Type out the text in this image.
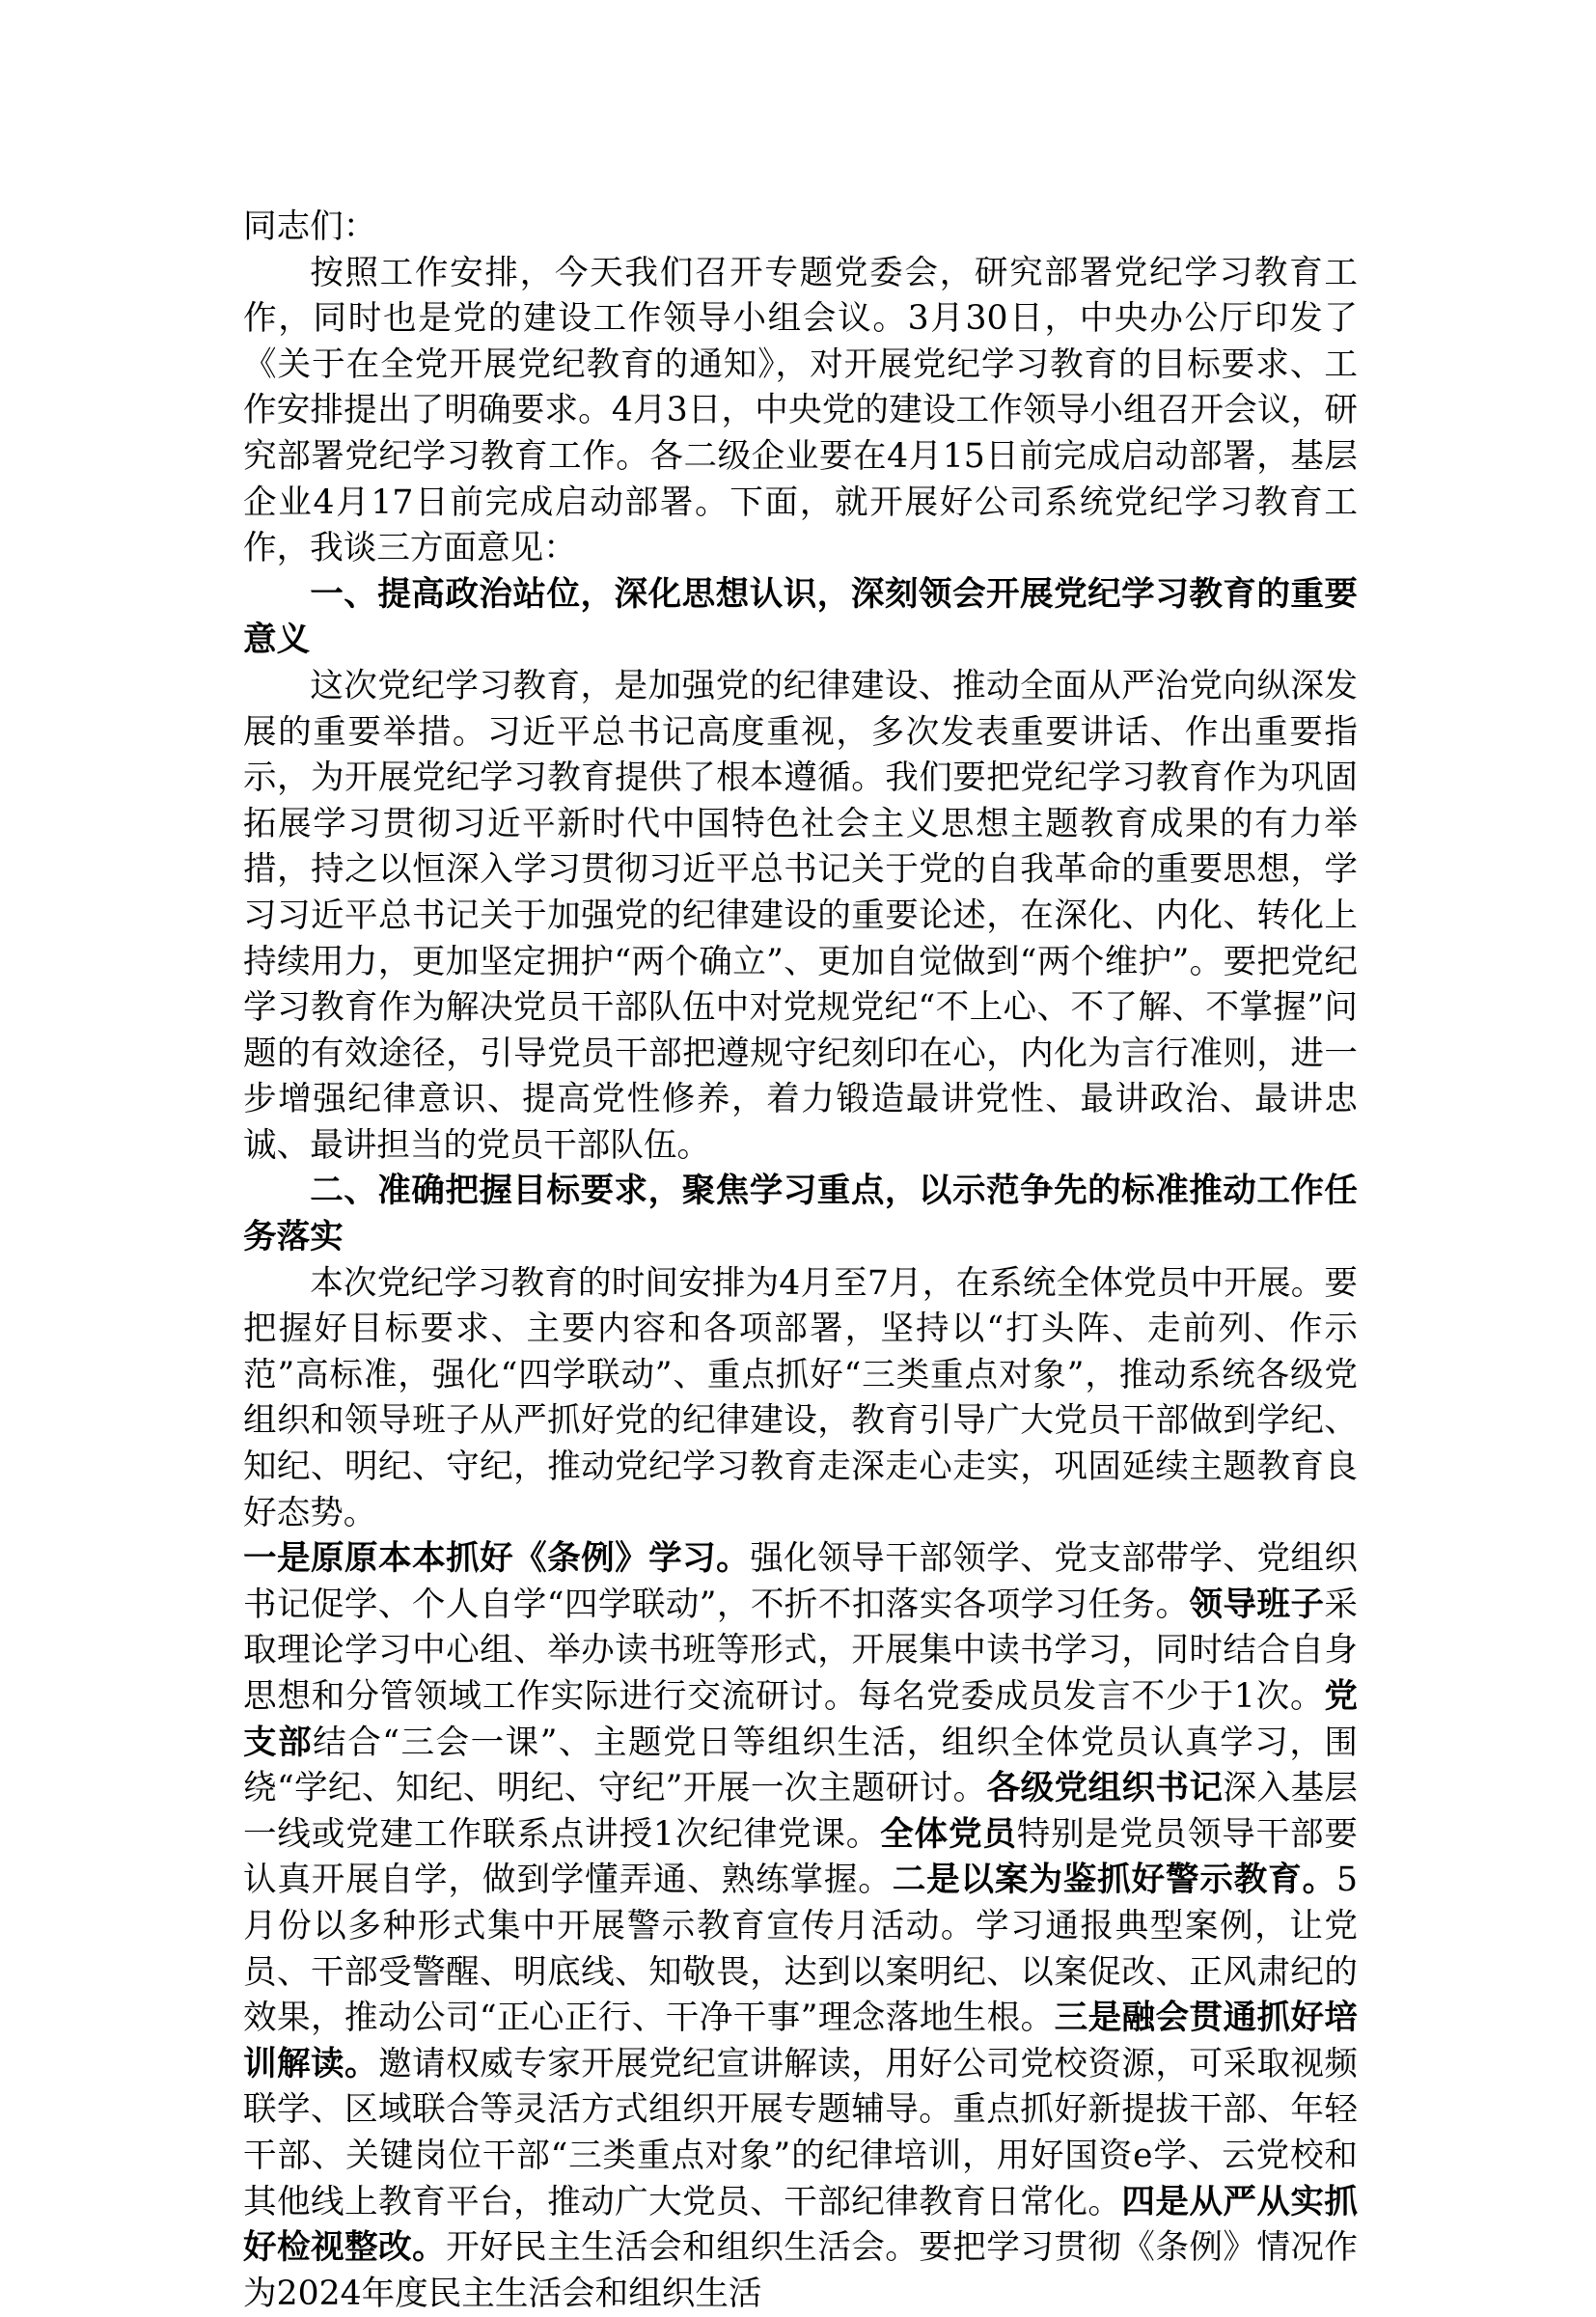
同志们：

按照工作安排，今天我们召开专题党委会，研究部署党纪学习教育工作，同时也是党的建设工作领导小组会议。3月30日，中央办公厅印发了《关于在全党开展党纪教育的通知》，对开展党纪学习教育的目标要求、工作安排提出了明确要求。4月3日，中央党的建设工作领导小组召开会议，研究部署党纪学习教育工作。各二级企业要在4月15日前完成启动部署，基层企业4月17日前完成启动部署。下面，就开展好公司系统党纪学习教育工作，我谈三方面意见：

一、提高政治站位，深化思想认识，深刻领会开展党纪学习教育的重要意义

这次党纪学习教育，是加强党的纪律建设、推动全面从严治党向纵深发展的重要举措。习近平总书记高度重视，多次发表重要讲话、作出重要指示，为开展党纪学习教育提供了根本遵循。我们要把党纪学习教育作为巩固拓展学习贯彻习近平新时代中国特色社会主义思想主题教育成果的有力举措，持之以恒深入学习贯彻习近平总书记关于党的自我革命的重要思想，学习习近平总书记关于加强党的纪律建设的重要论述，在深化、内化、转化上持续用力，更加坚定拥护“两个确立”、更加自觉做到“两个维护”。要把党纪学习教育作为解决党员干部队伍中对党规党纪“不上心、不了解、不掌握”问题的有效途径，引导党员干部把遵规守纪刻印在心，内化为言行准则，进一步增强纪律意识、提高党性修养，着力锻造最讲党性、最讲政治、最讲忠诚、最讲担当的党员干部队伍。

二、准确把握目标要求，聚焦学习重点，以示范争先的标准推动工作任务落实

本次党纪学习教育的时间安排为4月至7月，在系统全体党员中开展。要把握好目标要求、主要内容和各项部署，坚持以“打头阵、走前列、作示范”高标准，强化“四学联动”、重点抓好“三类重点对象”，推动系统各级党组织和领导班子从严抓好党的纪律建设，教育引导广大党员干部做到学纪、知纪、明纪、守纪，推动党纪学习教育走深走心走实，巩固延续主题教育良好态势。

一是原原本本抓好《条例》学习。强化领导干部领学、党支部带学、党组织书记促学、个人自学“四学联动”，不折不扣落实各项学习任务。领导班子采取理论学习中心组、举办读书班等形式，开展集中读书学习，同时结合自身思想和分管领域工作实际进行交流研讨。每名党委成员发言不少于1次。党支部结合“三会一课”、主题党日等组织生活，组织全体党员认真学习，围绕“学纪、知纪、明纪、守纪”开展一次主题研讨。各级党组织书记深入基层一线或党建工作联系点讲授1次纪律党课。全体党员特别是党员领导干部要认真开展自学，做到学懂弄通、熟练掌握。二是以案为鉴抓好警示教育。5月份以多种形式集中开展警示教育宣传月活动。学习通报典型案例，让党员、干部受警醒、明底线、知敬畏，达到以案明纪、以案促改、正风肃纪的效果，推动公司“正心正行、干净干事”理念落地生根。三是融会贯通抓好培训解读。邀请权威专家开展党纪宣讲解读，用好公司党校资源，可采取视频联学、区域联合等灵活方式组织开展专题辅导。重点抓好新提拔干部、年轻干部、关键岗位干部“三类重点对象”的纪律培训，用好国资e学、云党校和其他线上教育平台，推动广大党员、干部纪律教育日常化。四是从严从实抓好检视整改。开好民主生活会和组织生活会。要把学习贯彻《条例》情况作为2024年度民主生活会和组织生活
